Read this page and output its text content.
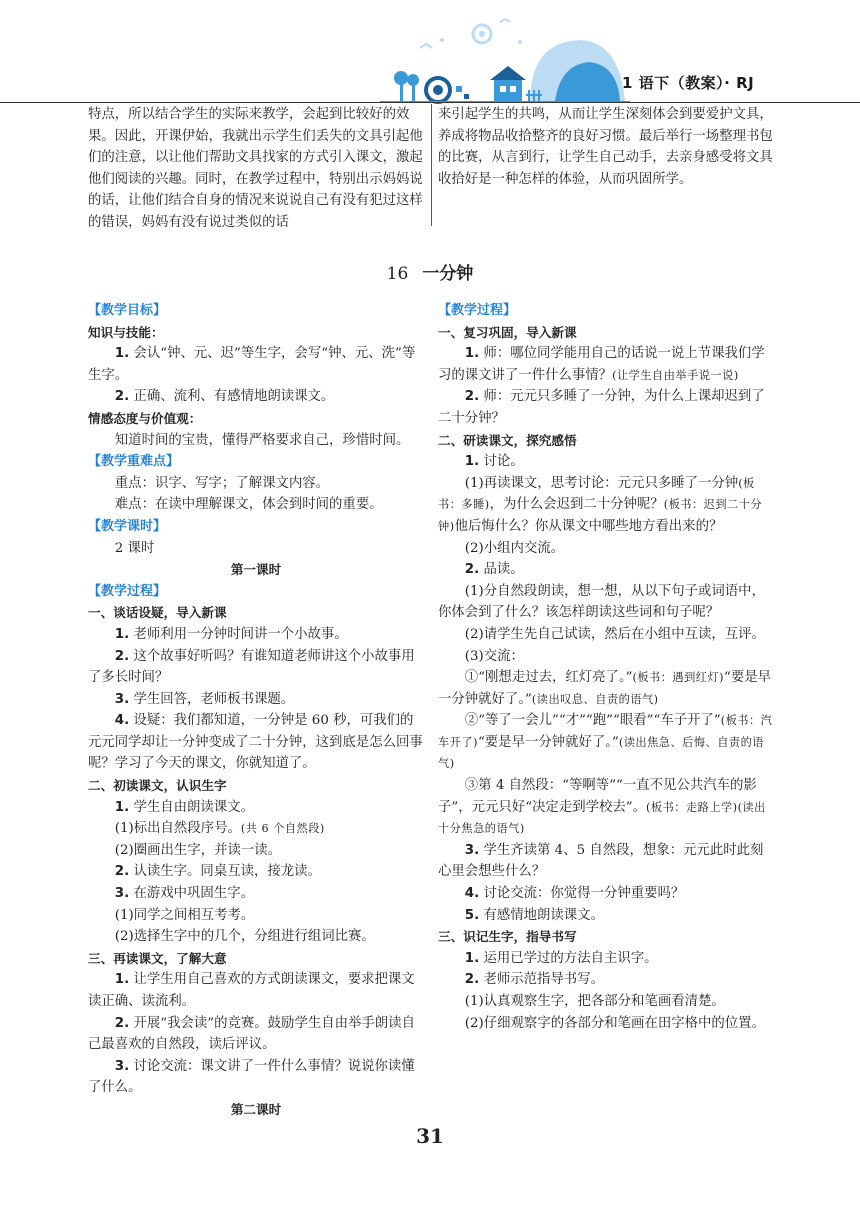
1 语下（教案）· RJ

特点，所以结合学生的实际来教学，会起到比较好的效果。因此，开课伊始，我就出示学生们丢失的文具引起他们的注意，以让他们帮助文具找家的方式引入课文，激起他们阅读的兴趣。同时，在教学过程中，特别出示妈妈说的话，让他们结合自身的情况来说说自己有没有犯过这样的错误，妈妈有没有说过类似的话

来引起学生的共鸣，从而让学生深刻体会到要爱护文具，养成将物品收拾整齐的良好习惯。最后举行一场整理书包的比赛，从言到行，让学生自己动手，去亲身感受将文具收拾好是一种怎样的体验，从而巩固所学。

16 一分钟

【教学目标】

知识与技能：

1. 会认“钟、元、迟”等生字，会写“钟、元、洗”等生字。

2. 正确、流利、有感情地朗读课文。

情感态度与价值观：

知道时间的宝贵，懂得严格要求自己，珍惜时间。

【教学重难点】

重点：识字、写字；了解课文内容。

难点：在读中理解课文，体会到时间的重要。

【教学课时】

2 课时

第一课时

【教学过程】

一、谈话设疑，导入新课

1. 老师利用一分钟时间讲一个小故事。

2. 这个故事好听吗？有谁知道老师讲这个小故事用了多长时间？

3. 学生回答，老师板书课题。

4. 设疑：我们都知道，一分钟是 60 秒，可我们的元元同学却让一分钟变成了二十分钟，这到底是怎么回事呢？学习了今天的课文，你就知道了。

二、初读课文，认识生字

1. 学生自由朗读课文。

(1)标出自然段序号。(共 6 个自然段)

(2)圈画出生字，并读一读。

2. 认读生字。同桌互读，接龙读。

3. 在游戏中巩固生字。

(1)同学之间相互考考。

(2)选择生字中的几个，分组进行组词比赛。

三、再读课文，了解大意

1. 让学生用自己喜欢的方式朗读课文，要求把课文读正确、读流利。

2. 开展“我会读”的竞赛。鼓励学生自由举手朗读自己最喜欢的自然段，读后评议。

3. 讨论交流：课文讲了一件什么事情？说说你读懂了什么。

第二课时

【教学过程】

一、复习巩固，导入新课

1. 师：哪位同学能用自己的话说一说上节课我们学习的课文讲了一件什么事情？(让学生自由举手说一说)

2. 师：元元只多睡了一分钟，为什么上课却迟到了二十分钟？

二、研读课文，探究感悟

1. 讨论。

(1)再读课文，思考讨论：元元只多睡了一分钟(板书：多睡)，为什么会迟到二十分钟呢？(板书：迟到二十分钟)他后悔什么？你从课文中哪些地方看出来的？

(2)小组内交流。

2. 品读。

(1)分自然段朗读，想一想，从以下句子或词语中，你体会到了什么？该怎样朗读这些词和句子呢？

(2)请学生先自己试读，然后在小组中互读，互评。

(3)交流：

①“刚想走过去，红灯亮了。”(板书：遇到红灯)“要是早一分钟就好了。”(读出叹息、自责的语气)

②“等了一会儿”“才”“跑”“眼看”“车子开了”(板书：汽车开了)“要是早一分钟就好了。”(读出焦急、后悔、自责的语气)

③第 4 自然段：“等啊等”“一直不见公共汽车的影子”，元元只好“决定走到学校去”。(板书：走路上学)(读出十分焦急的语气)

3. 学生齐读第 4、5 自然段，想象：元元此时此刻心里会想些什么？

4. 讨论交流：你觉得一分钟重要吗？

5. 有感情地朗读课文。

三、识记生字，指导书写

1. 运用已学过的方法自主识字。

2. 老师示范指导书写。

(1)认真观察生字，把各部分和笔画看清楚。

(2)仔细观察字的各部分和笔画在田字格中的位置。

31
